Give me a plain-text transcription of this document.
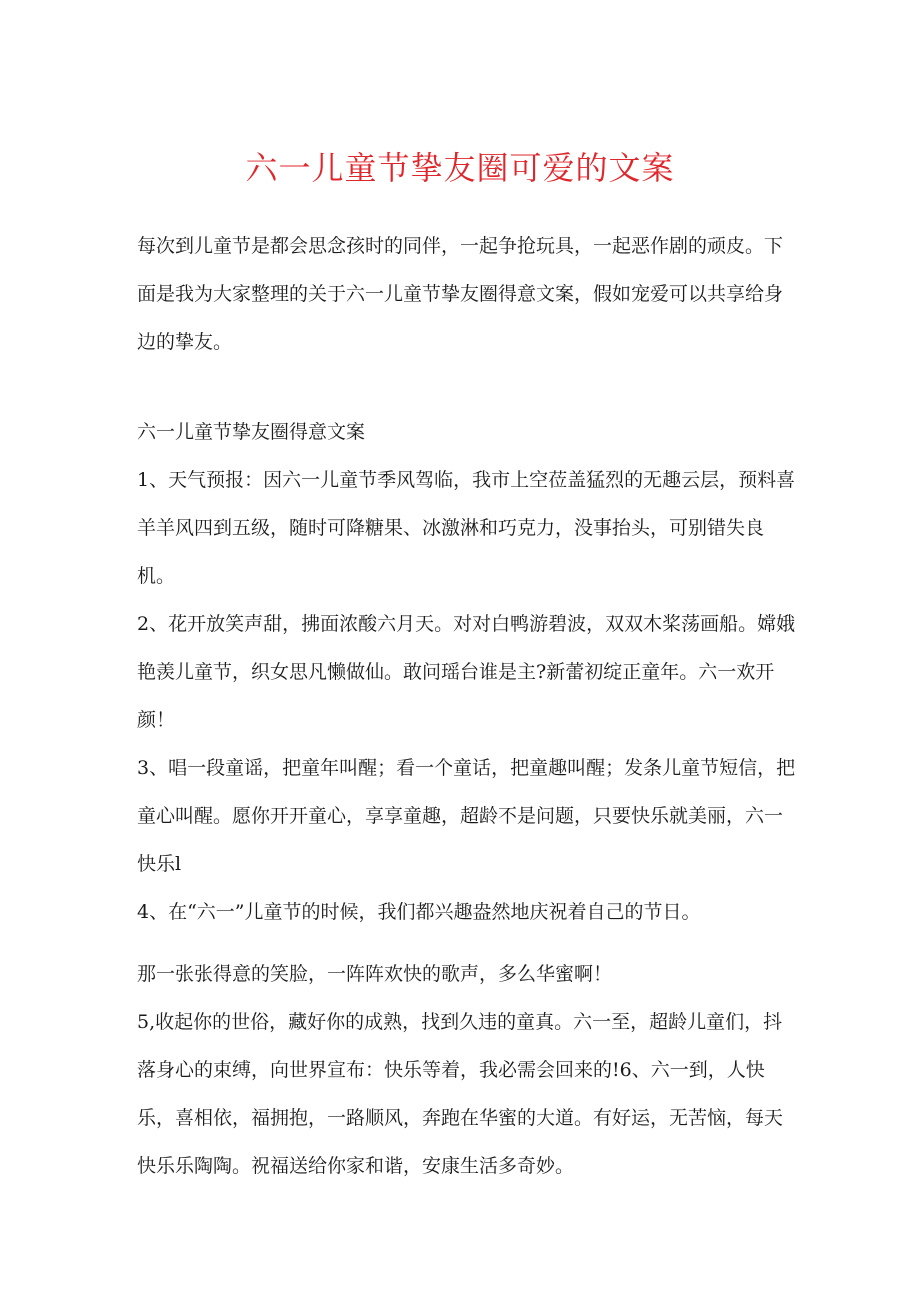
六一儿童节挚友圈可爱的文案

每次到儿童节是都会思念孩时的同伴，一起争抢玩具，一起恶作剧的顽皮。下面是我为大家整理的关于六一儿童节挚友圈得意文案，假如宠爱可以共享给身边的挚友。

六一儿童节挚友圈得意文案

1、天气预报：因六一儿童节季风驾临，我市上空莅盖猛烈的无趣云层，预料喜羊羊风四到五级，随时可降糖果、冰激淋和巧克力，没事抬头，可别错失良机。

2、花开放笑声甜，拂面浓酸六月天。对对白鸭游碧波，双双木桨荡画船。嫦娥艳羡儿童节，织女思凡懒做仙。敢问瑶台谁是主?新蕾初绽正童年。六一欢开颜！

3、唱一段童谣，把童年叫醒；看一个童话，把童趣叫醒；发条儿童节短信，把童心叫醒。愿你开开童心，享享童趣，超龄不是问题，只要快乐就美丽，六一快乐l

4、在“六一”儿童节的时候，我们都兴趣盎然地庆祝着自己的节日。

那一张张得意的笑脸，一阵阵欢快的歌声，多么华蜜啊！

5,收起你的世俗，藏好你的成熟，找到久违的童真。六一至，超龄儿童们，抖落身心的束缚，向世界宣布：快乐等着，我必需会回来的!6、六一到，人快乐，喜相依，福拥抱，一路顺风，奔跑在华蜜的大道。有好运，无苦恼，每天快乐乐陶陶。祝福送给你家和谐，安康生活多奇妙。
